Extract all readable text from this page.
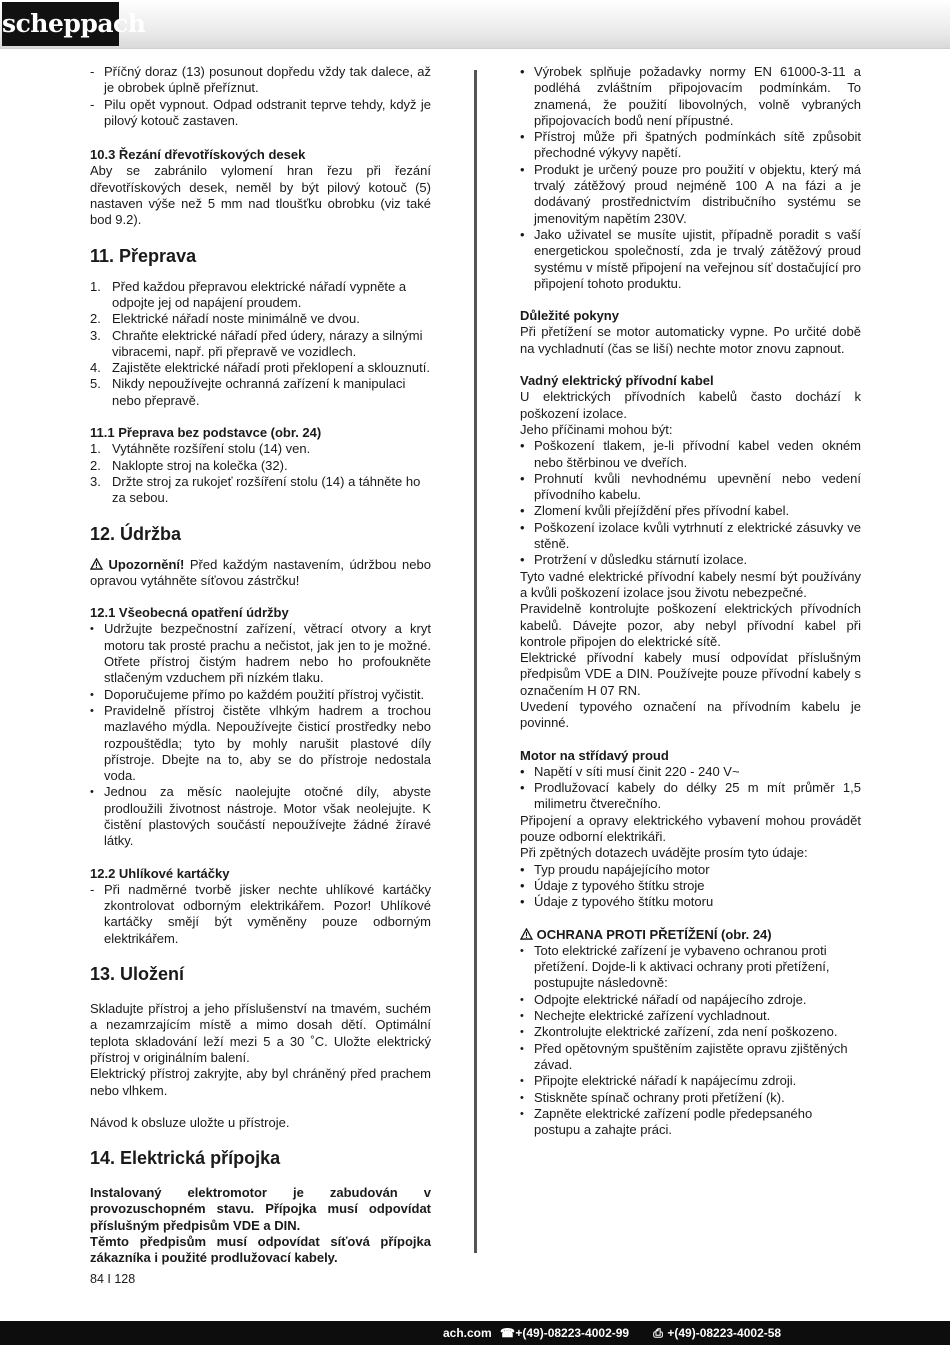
scheppach
- Příčný doraz (13) posunout dopředu vždy tak dalece, až je obrobek úplně přeříznut.
- Pilu opět vypnout. Odpad odstranit teprve tehdy, když je pilový kotouč zastaven.

10.3 Řezání dřevotřískových desek

Aby se zabránilo vylomení hran řezu při řezání dřevotřískových desek, neměl by být pilový kotouč (5) nastaven výše než 5 mm nad tloušťku obrobku (viz také bod 9.2).

11. Přeprava

1. Před každou přepravou elektrické nářadí vypněte a odpojte jej od napájení proudem.
2. Elektrické nářadí noste minimálně ve dvou.
3. Chraňte elektrické nářadí před údery, nárazy a silnými vibracemi, např. při přepravě ve vozidlech.
4. Zajistěte elektrické nářadí proti překlopení a sklouznutí.
5. Nikdy nepoužívejte ochranná zařízení k manipulaci nebo přepravě.

11.1 Přeprava bez podstavce (obr. 24)

1. Vytáhněte rozšíření stolu (14) ven.
2. Naklopte stroj na kolečka (32).
3. Držte stroj za rukojeť rozšíření stolu (14) a táhněte ho za sebou.

12. Údržba

Upozornění! Před každým nastavením, údržbou nebo opravou vytáhněte síťovou zástrčku!

12.1 Všeobecná opatření údržby

• Udržujte bezpečnostní zařízení, větrací otvory a kryt motoru tak prosté prachu a nečistot, jak jen to je možné. Otřete přístroj čistým hadrem nebo ho profoukněte stlačeným vzduchem při nízkém tlaku.
• Doporučujeme přímo po každém použití přístroj vyčistit.
• Pravidelně přístroj čistěte vlhkým hadrem a trochou mazlavého mýdla. Nepoužívejte čisticí prostředky nebo rozpouštědla; tyto by mohly narušit plastové díly přístroje. Dbejte na to, aby se do přístroje nedostala voda.
• Jednou za měsíc naolejujte otočné díly, abyste prodloužili životnost nástroje. Motor však neolejujte. K čistění plastových součástí nepoužívejte žádné žíravé látky.

12.2 Uhlíkové kartáčky

- Při nadměrné tvorbě jisker nechte uhlíkové kartáčky zkontrolovat odborným elektrikářem. Pozor! Uhlíkové kartáčky smějí být vyměněny pouze odborným elektrikářem.

13. Uložení

Skladujte přístroj a jeho příslušenství na tmavém, suchém a nezamrzajícím místě a mimo dosah dětí. Optimální teplota skladování leží mezi 5 a 30 ˚C. Uložte elektrický přístroj v originálním balení.

Elektrický přístroj zakryjte, aby byl chráněný před prachem nebo vlhkem.

Návod k obsluze uložte u přístroje.

14. Elektrická přípojka

Instalovaný elektromotor je zabudován v provozuschopném stavu. Přípojka musí odpovídat příslušným předpisům VDE a DIN.

Těmto předpisům musí odpovídat síťová přípojka zákazníka i použité prodlužovací kabely.

• Výrobek splňuje požadavky normy EN 61000-3-11 a podléhá zvláštním připojovacím podmínkám. To znamená, že použití libovolných, volně vybraných připojovacích bodů není přípustné.
• Přístroj může při špatných podmínkách sítě způsobit přechodné výkyvy napětí.
• Produkt je určený pouze pro použití v objektu, který má trvalý zátěžový proud nejméně 100 A na fázi a je dodávaný prostřednictvím distribučního systému se jmenovitým napětím 230V.
• Jako uživatel se musíte ujistit, případně poradit s vaší energetickou společností, zda je trvalý zátěžový proud systému v místě připojení na veřejnou síť dostačující pro připojení tohoto produktu.

Důležité pokyny

Při přetížení se motor automaticky vypne. Po určité době na vychladnutí (čas se liší) nechte motor znovu zapnout.

Vadný elektrický přívodní kabel

U elektrických přívodních kabelů často dochází k poškození izolace.

Jeho příčinami mohou být:

• Poškození tlakem, je-li přívodní kabel veden okném nebo štěrbinou ve dveřích.
• Prohnutí kvůli nevhodnému upevnění nebo vedení přívodního kabelu.
• Zlomení kvůli přejíždění přes přívodní kabel.
• Poškození izolace kvůli vytrhnutí z elektrické zásuvky ve stěně.
• Protržení v důsledku stárnutí izolace.

Tyto vadné elektrické přívodní kabely nesmí být používány a kvůli poškození izolace jsou životu nebezpečné.

Pravidelně kontrolujte poškození elektrických přívodních kabelů. Dávejte pozor, aby nebyl přívodní kabel při kontrole připojen do elektrické sítě.

Elektrické přívodní kabely musí odpovídat příslušným předpisům VDE a DIN. Používejte pouze přívodní kabely s označením H 07 RN.

Uvedení typového označení na přívodním kabelu je povinné.

Motor na střídavý proud

• Napětí v síti musí činit 220 - 240 V~
• Prodlužovací kabely do délky 25 m mít průměr 1,5 milimetru čtverečního.

Připojení a opravy elektrického vybavení mohou provádět pouze odborní elektrikáři.

Při zpětných dotazech uvádějte prosím tyto údaje:

• Typ proudu napájejícího motor
• Údaje z typového štítku stroje
• Údaje z typového štítku motoru

OCHRANA PROTI PŘETÍŽENÍ (obr. 24)

• Toto elektrické zařízení je vybaveno ochranou proti přetížení. Dojde-li k aktivaci ochrany proti přetížení, postupujte následovně:
• Odpojte elektrické nářadí od napájecího zdroje.
• Nechejte elektrické zařízení vychladnout.
• Zkontrolujte elektrické zařízení, zda není poškozeno.
• Před opětovným spuštěním zajistěte opravu zjištěných závad.
• Připojte elektrické nářadí k napájecímu zdroji.
• Stiskněte spínač ochrany proti přetížení (k).
• Zapněte elektrické zařízení podle předepsaného postupu a zahajte práci.
84 I 128
ach.com ☎ +(49)-08223-4002-99 ⎙ +(49)-08223-4002-58
